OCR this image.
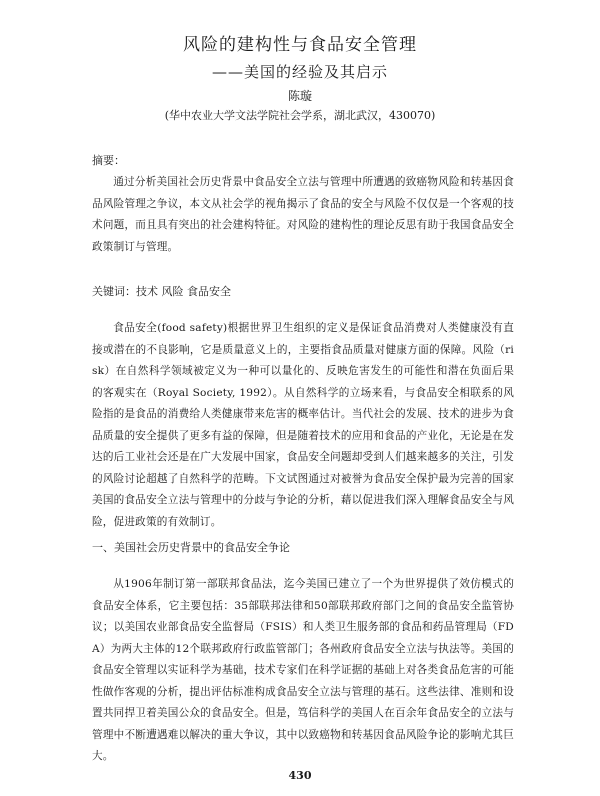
风险的建构性与食品安全管理
——美国的经验及其启示
陈璇
(华中农业大学文法学院社会学系，湖北武汉，430070)
摘要：
通过分析美国社会历史背景中食品安全立法与管理中所遭遇的致癌物风险和转基因食品风险管理之争议，本文从社会学的视角揭示了食品的安全与风险不仅仅是一个客观的技术问题，而且具有突出的社会建构特征。对风险的建构性的理论反思有助于我国食品安全政策制订与管理。
关键词：技术 风险 食品安全
食品安全(food safety)根据世界卫生组织的定义是保证食品消费对人类健康没有直接或潜在的不良影响，它是质量意义上的，主要指食品质量对健康方面的保障。风险（risk）在自然科学领域被定义为一种可以量化的、反映危害发生的可能性和潜在负面后果的客观实在（Royal Society, 1992）。从自然科学的立场来看，与食品安全相联系的风险指的是食品的消费给人类健康带来危害的概率估计。当代社会的发展、技术的进步为食品质量的安全提供了更多有益的保障，但是随着技术的应用和食品的产业化，无论是在发达的后工业社会还是在广大发展中国家，食品安全问题却受到人们越来越多的关注，引发的风险讨论超越了自然科学的范畴。下文试图通过对被誉为食品安全保护最为完善的国家美国的食品安全立法与管理中的分歧与争论的分析，藉以促进我们深入理解食品安全与风险，促进政策的有效制订。
一、美国社会历史背景中的食品安全争论
从1906年制订第一部联邦食品法，迄今美国已建立了一个为世界提供了效仿模式的食品安全体系，它主要包括：35部联邦法律和50部联邦政府部门之间的食品安全监管协议；以美国农业部食品安全监督局（FSIS）和人类卫生服务部的食品和药品管理局（FDA）为两大主体的12个联邦政府行政监管部门；各州政府食品安全立法与执法等。美国的食品安全管理以实证科学为基础，技术专家们在科学证据的基础上对各类食品危害的可能性做作客观的分析，提出评估标准构成食品安全立法与管理的基石。这些法律、准则和设置共同捍卫着美国公众的食品安全。但是，笃信科学的美国人在百余年食品安全的立法与管理中不断遭遇难以解决的重大争议，其中以致癌物和转基因食品风险争论的影响尤其巨大。
430
